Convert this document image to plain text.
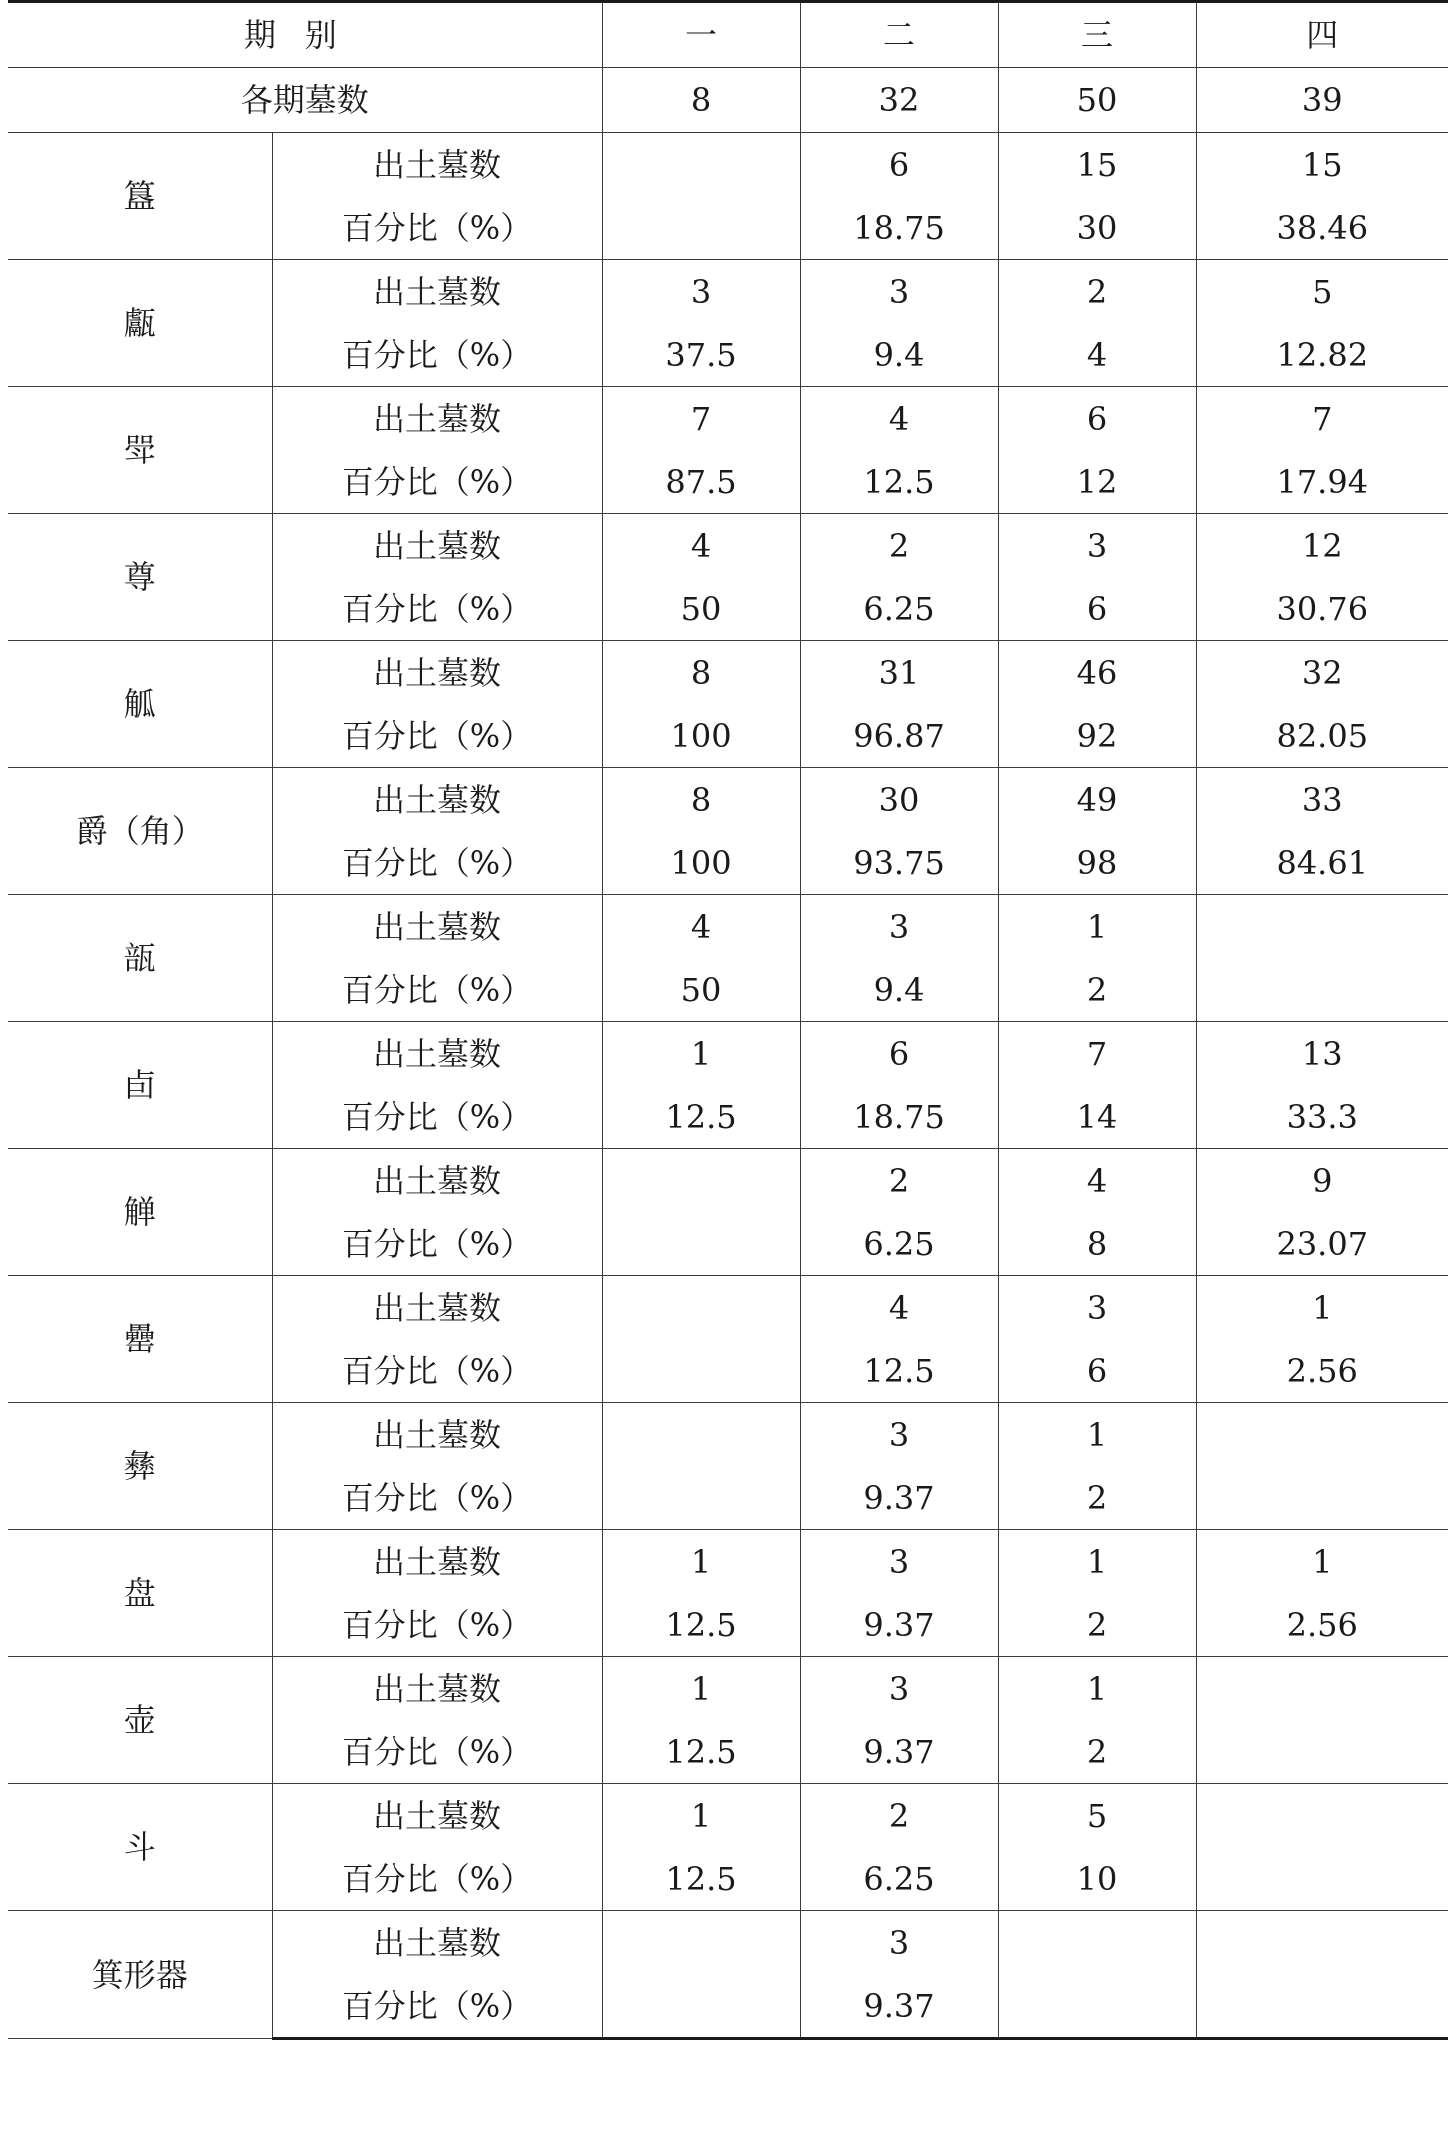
期别		一	二	三	四
各期墓数		8	32	50	39
簋	出土墓数		6	15	15
	百分比（%）		18.75	30	38.46
甗	出土墓数	3	3	2	5
	百分比（%）	37.5	9.4	4	12.82
斝	出土墓数	7	4	6	7
	百分比（%）	87.5	12.5	12	17.94
尊	出土墓数	4	2	3	12
	百分比（%）	50	6.25	6	30.76
觚	出土墓数	8	31	46	32
	百分比（%）	100	96.87	92	82.05
爵（角）	出土墓数	8	30	49	33
	百分比（%）	100	93.75	98	84.61
瓿	出土墓数	4	3	1	
	百分比（%）	50	9.4	2	
卣	出土墓数	1	6	7	13
	百分比（%）	12.5	18.75	14	33.3
觯	出土墓数		2	4	9
	百分比（%）		6.25	8	23.07
罍	出土墓数		4	3	1
	百分比（%）		12.5	6	2.56
彝	出土墓数		3	1	
	百分比（%）		9.37	2	
盘	出土墓数	1	3	1	1
	百分比（%）	12.5	9.37	2	2.56
壶	出土墓数	1	3	1	
	百分比（%）	12.5	9.37	2	
斗	出土墓数	1	2	5	
	百分比（%）	12.5	6.25	10	
箕形器	出土墓数		3		
	百分比（%）		9.37		
